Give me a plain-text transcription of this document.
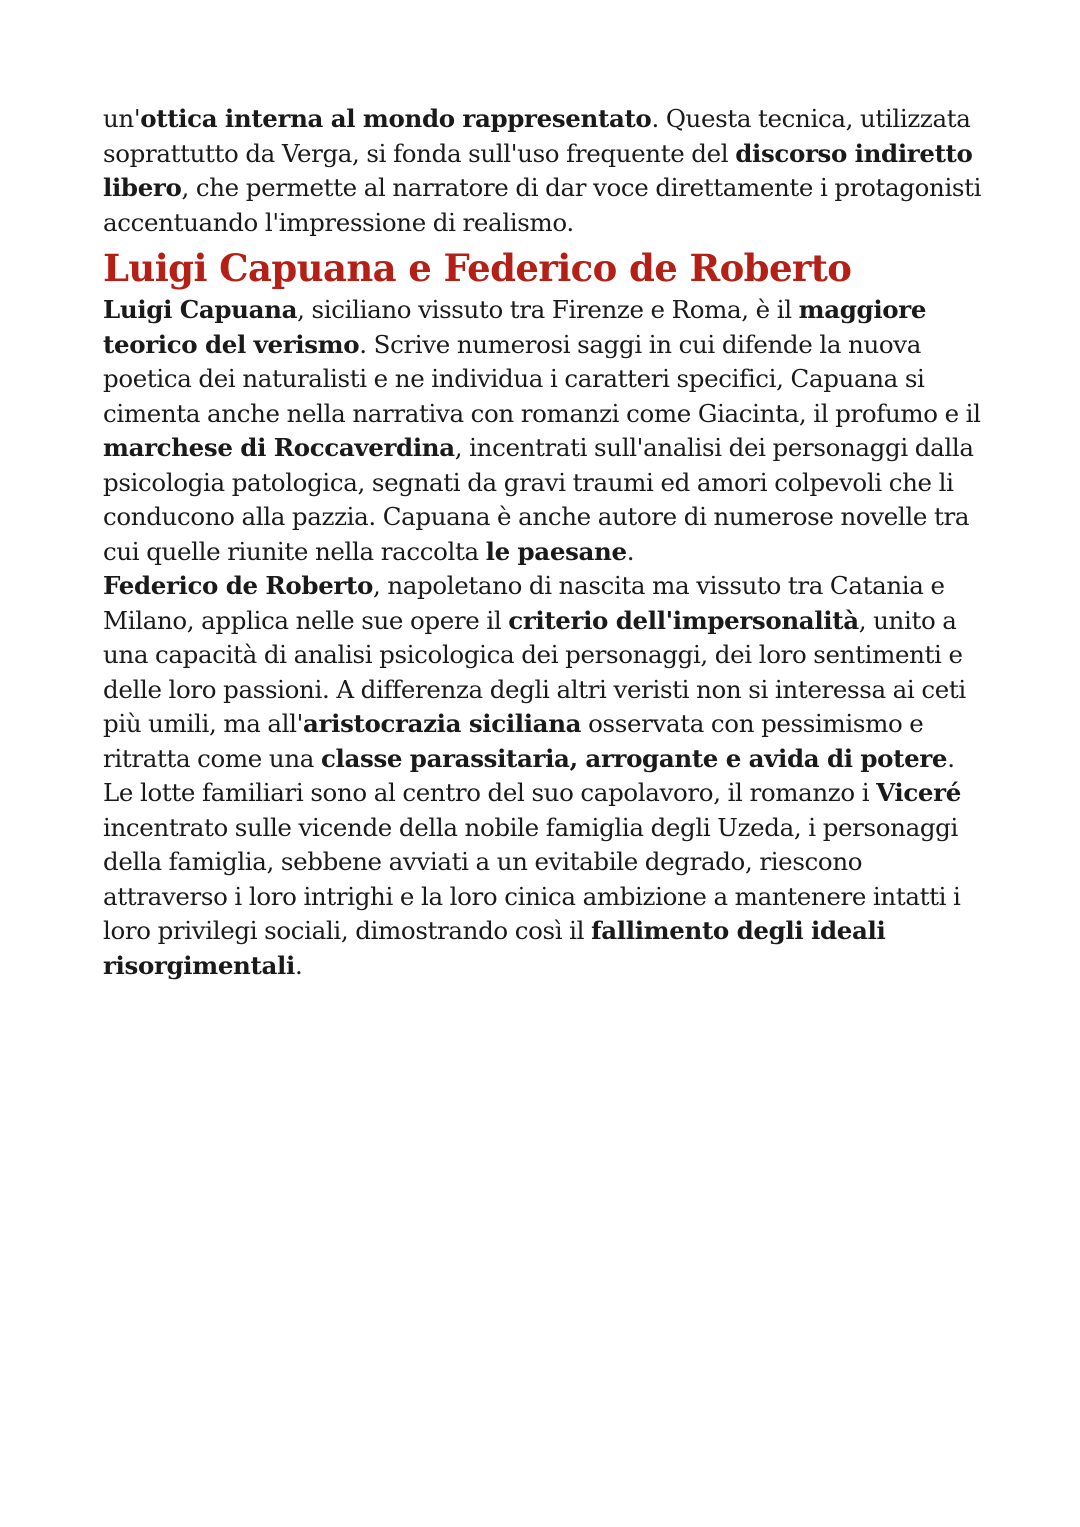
un'ottica interna al mondo rappresentato. Questa tecnica, utilizzata soprattutto da Verga, si fonda sull'uso frequente del discorso indiretto libero, che permette al narratore di dar voce direttamente i protagonisti accentuando l'impressione di realismo.

Luigi Capuana e Federico de Roberto

Luigi Capuana, siciliano vissuto tra Firenze e Roma, è il maggiore teorico del verismo. Scrive numerosi saggi in cui difende la nuova poetica dei naturalisti e ne individua i caratteri specifici, Capuana si cimenta anche nella narrativa con romanzi come Giacinta, il profumo e il marchese di Roccaverdina, incentrati sull'analisi dei personaggi dalla psicologia patologica, segnati da gravi traumi ed amori colpevoli che li conducono alla pazzia. Capuana è anche autore di numerose novelle tra cui quelle riunite nella raccolta le paesane.

Federico de Roberto, napoletano di nascita ma vissuto tra Catania e Milano, applica nelle sue opere il criterio dell'impersonalità, unito a una capacità di analisi psicologica dei personaggi, dei loro sentimenti e delle loro passioni. A differenza degli altri veristi non si interessa ai ceti più umili, ma all'aristocrazia siciliana osservata con pessimismo e ritratta come una classe parassitaria, arrogante e avida di potere. Le lotte familiari sono al centro del suo capolavoro, il romanzo i Viceré incentrato sulle vicende della nobile famiglia degli Uzeda, i personaggi della famiglia, sebbene avviati a un evitabile degrado, riescono attraverso i loro intrighi e la loro cinica ambizione a mantenere intatti i loro privilegi sociali, dimostrando così il fallimento degli ideali risorgimentali.
